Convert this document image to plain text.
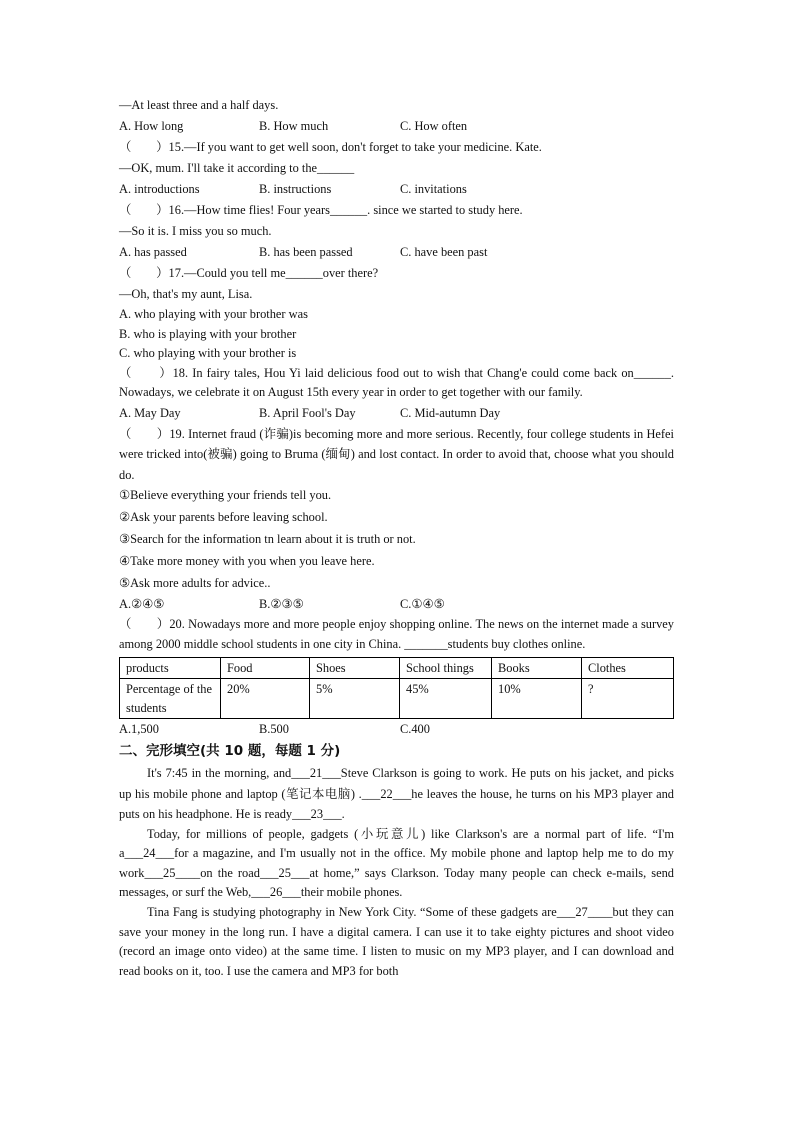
—At least three and a half days.
A. How long	B. How much	C. How often
（　　）15.—If you want to get well soon, don't forget to take your medicine. Kate.
—OK, mum. I'll take it according to the______
A. introductions	B. instructions	C. invitations
（　　）16.—How time flies! Four years______. since we started to study here.
—So it is. I miss you so much.
A. has passed	B. has been passed	C. have been past
（　　）17.—Could you tell me______over there?
—Oh, that's my aunt, Lisa.
A. who playing with your brother was
B. who is playing with your brother
C. who playing with your brother is
（　　）18. In fairy tales, Hou Yi laid delicious food out to wish that Chang'e could come back on______. Nowadays, we celebrate it on August 15th every year in order to get together with our family.
A. May Day	B. April Fool's Day	C. Mid-autumn Day
（　　）19. Internet fraud (诈骗)is becoming more and more serious. Recently, four college students in Hefei were tricked into(被骗) going to Bruma (缅甸) and lost contact. In order to avoid that, choose what you should do.
①Believe everything your friends tell you.
②Ask your parents before leaving school.
③Search for the information tn learn about it is truth or not.
④Take more money with you when you leave here.
⑤Ask more adults for advice..
A.②④⑤	B.②③⑤	C.①④⑤
（　　）20. Nowadays more and more people enjoy shopping online. The news on the internet made a survey among 2000 middle school students in one city in China. _______students buy clothes online.
products	Food	Shoes	School things	Books	Clothes
Percentage of the students	20%	5%	45%	10%	?
A.1,500	B.500	C.400
二、完形填空(共 10 题，每题 1 分)
It's 7:45 in the morning, and___21___Steve Clarkson is going to work. He puts on his jacket, and picks up his mobile phone and laptop (笔记本电脑) .___22___he leaves the house, he turns on his MP3 player and puts on his headphone. He is ready___23___.
Today, for millions of people, gadgets (小玩意儿) like Clarkson's are a normal part of life. “I'm a___24___for a magazine, and I'm usually not in the office. My mobile phone and laptop help me to do my work___25____on the road___25___at home,” says Clarkson. Today many people can check e-mails, send messages, or surf the Web,___26___their mobile phones.
Tina Fang is studying photography in New York City. “Some of these gadgets are___27____but they can save your money in the long run. I have a digital camera. I can use it to take eighty pictures and shoot video (record an image onto video) at the same time. I listen to music on my MP3 player, and I can download and read books on it, too. I use the camera and MP3 for both
